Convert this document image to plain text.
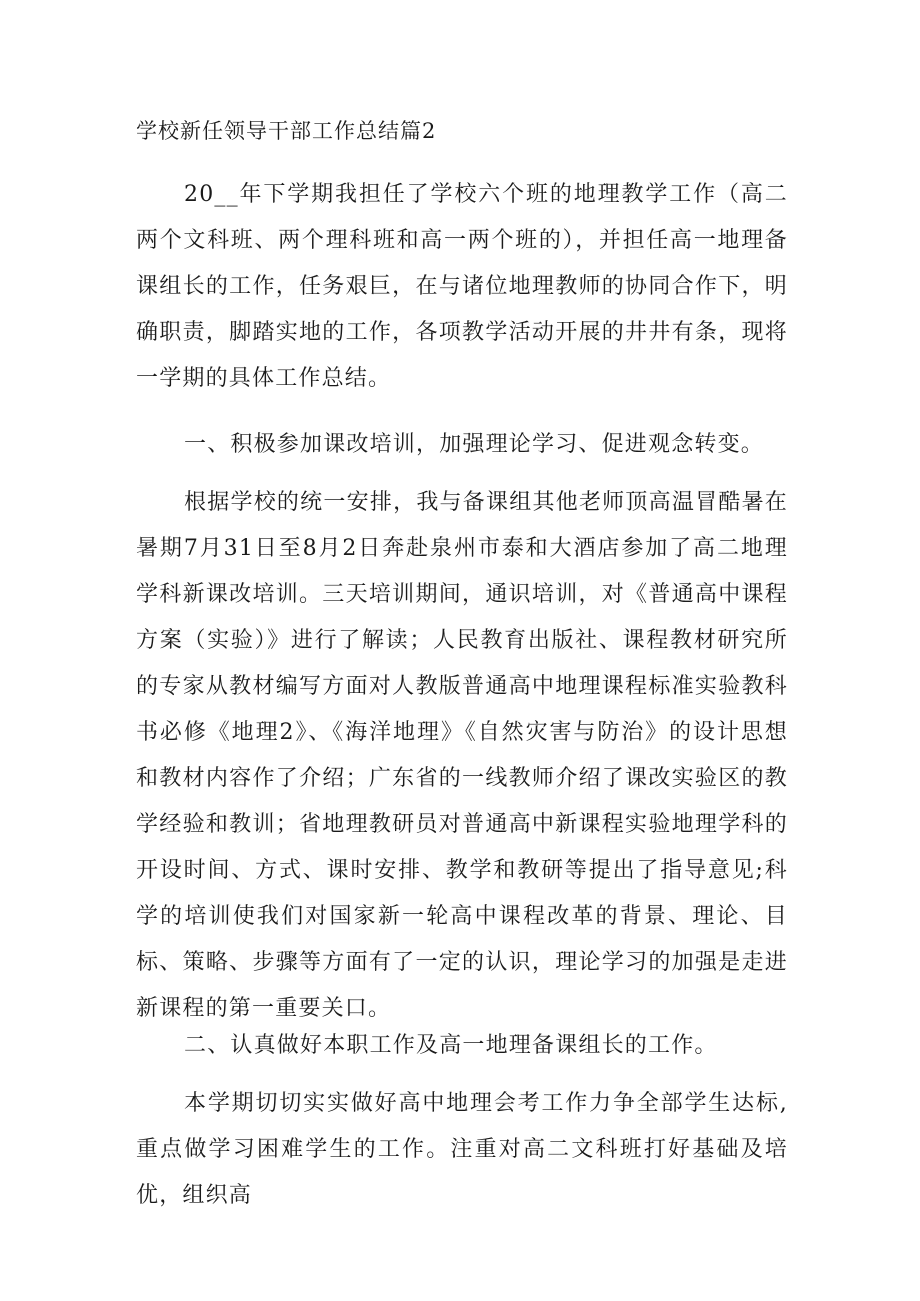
学校新任领导干部工作总结篇2

20__年下学期我担任了学校六个班的地理教学工作（高二两个文科班、两个理科班和高一两个班的），并担任高一地理备课组长的工作，任务艰巨，在与诸位地理教师的协同合作下，明确职责，脚踏实地的工作，各项教学活动开展的井井有条，现将一学期的具体工作总结。

一、积极参加课改培训，加强理论学习、促进观念转变。

根据学校的统一安排，我与备课组其他老师顶高温冒酷暑在暑期7月31日至8月2日奔赴泉州市泰和大酒店参加了高二地理学科新课改培训。三天培训期间，通识培训，对《普通高中课程方案（实验）》进行了解读；人民教育出版社、课程教材研究所的专家从教材编写方面对人教版普通高中地理课程标准实验教科书必修《地理2》、《海洋地理》《自然灾害与防治》的设计思想和教材内容作了介绍；广东省的一线教师介绍了课改实验区的教学经验和教训；省地理教研员对普通高中新课程实验地理学科的开设时间、方式、课时安排、教学和教研等提出了指导意见;科学的培训使我们对国家新一轮高中课程改革的背景、理论、目标、策略、步骤等方面有了一定的认识，理论学习的加强是走进新课程的第一重要关口。

二、认真做好本职工作及高一地理备课组长的工作。

本学期切切实实做好高中地理会考工作力争全部学生达标,重点做学习困难学生的工作。注重对高二文科班打好基础及培优，组织高
